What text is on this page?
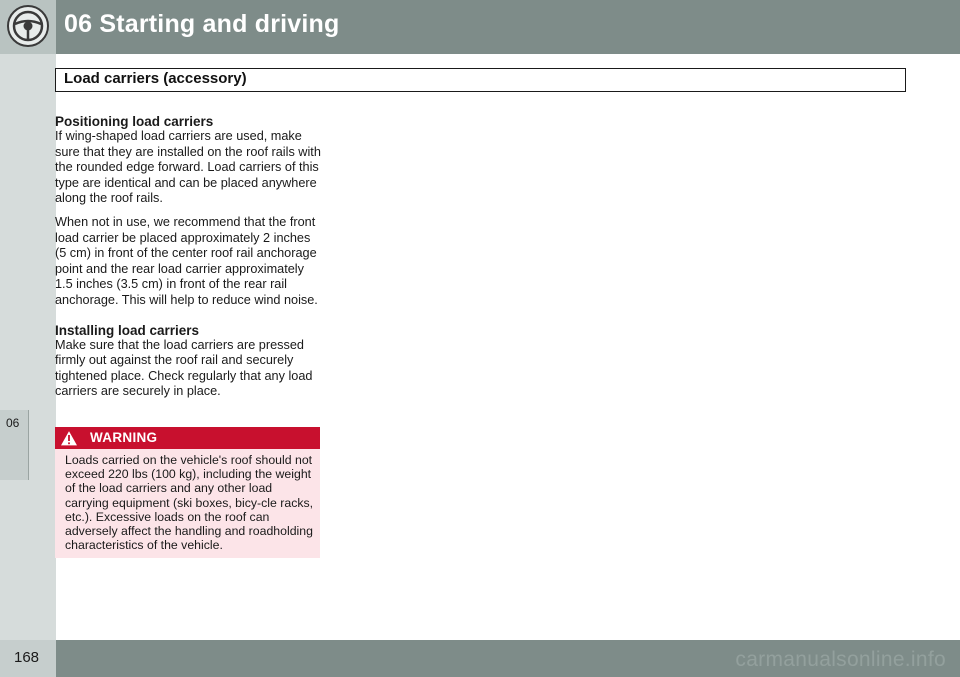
06 Starting and driving
06
Load carriers (accessory)
Positioning load carriers

If wing-shaped load carriers are used, make sure that they are installed on the roof rails with the rounded edge forward. Load carriers of this type are identical and can be placed anywhere along the roof rails.

When not in use, we recommend that the front load carrier be placed approximately 2 inches (5 cm) in front of the center roof rail anchorage point and the rear load carrier approximately 1.5 inches (3.5 cm) in front of the rear rail anchorage. This will help to reduce wind noise.

Installing load carriers

Make sure that the load carriers are pressed firmly out against the roof rail and securely tightened place. Check regularly that any load carriers are securely in place.

WARNING

Loads carried on the vehicle's roof should not exceed 220 lbs (100 kg), including the weight of the load carriers and any other load carrying equipment (ski boxes, bicy-cle racks, etc.). Excessive loads on the roof can adversely affect the handling and roadholding characteristics of the vehicle.

168	carmanualsonline.info
